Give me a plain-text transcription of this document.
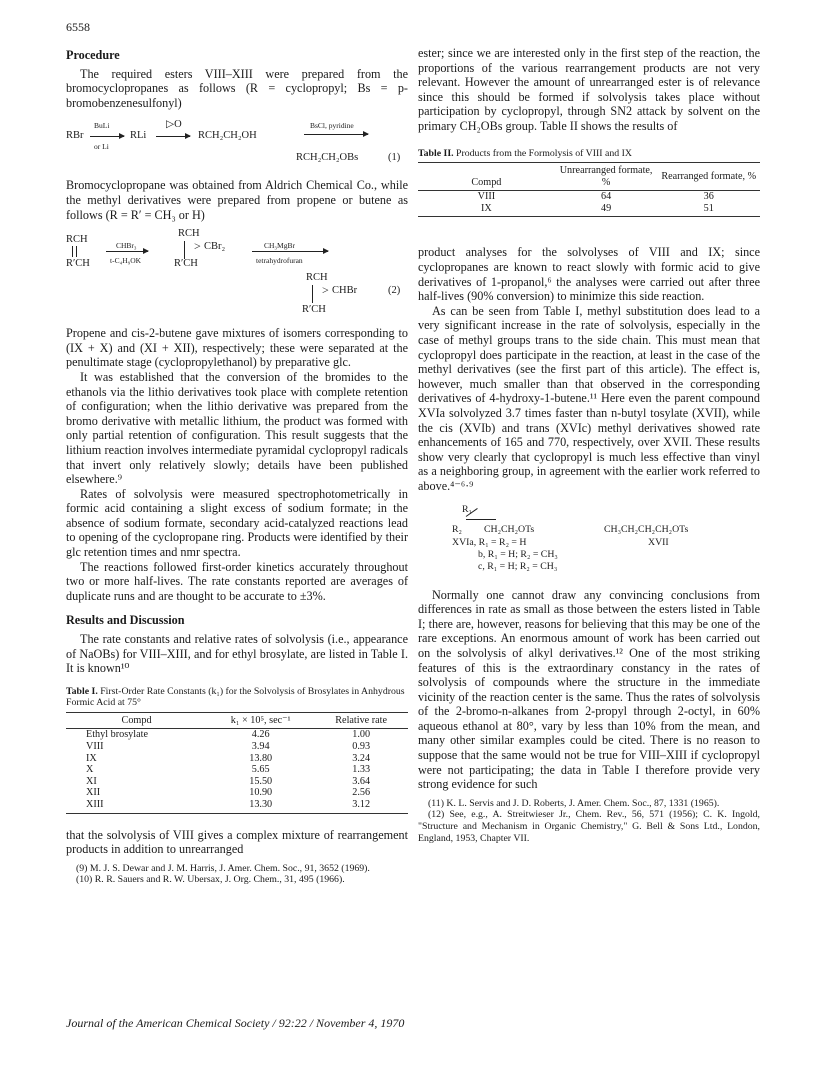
6558
Procedure

The required esters VIII–XIII were prepared from the bromocyclopropanes as follows (R = cyclopropyl; Bs = p-bromobenzenesulfonyl)

RBr
BuLi
or Li
RLi
▷O
RCH₂CH₂OH
BsCl, pyridine
RCH₂CH₂OBs	(1)

Bromocyclopropane was obtained from Aldrich Chemical Co., while the methyl derivatives were prepared from propene or butene as follows (R = R′ = CH₃ or H)

RCH
R′CH
CHBr₃
t-C₄H₉OK
RCH
> CBr₂
R′CH
CH₃MgBr
tetrahydrofuran
RCH
> CHBr	(2)
R′CH

Propene and cis-2-butene gave mixtures of isomers corresponding to (IX + X) and (XI + XII), respectively; these were separated at the penultimate stage (cyclopropylethanol) by preparative glc.

It was established that the conversion of the bromides to the ethanols via the lithio derivatives took place with complete retention of configuration; when the lithio derivative was prepared from the bromo derivative with metallic lithium, the product was formed with only partial retention of configuration. This result suggests that the lithium reaction involves intermediate pyramidal cyclopropyl radicals that invert only relatively slowly; details have been published elsewhere.⁹

Rates of solvolysis were measured spectrophotometrically in formic acid containing a slight excess of sodium formate; in the absence of sodium formate, secondary acid-catalyzed reactions lead to opening of the cyclopropane ring. Products were identified by their glc retention times and nmr spectra.

The reactions followed first-order kinetics accurately throughout two or more half-lives. The rate constants reported are averages of duplicate runs and are thought to be accurate to ±3%.

Results and Discussion

The rate constants and relative rates of solvolysis (i.e., appearance of NaOBs) for VIII–XIII, and for ethyl brosylate, are listed in Table I. It is known¹⁰

Table I. First-Order Rate Constants (k₁) for the Solvolysis of Brosylates in Anhydrous Formic Acid at 75°
Compd	k₁ × 10⁵, sec⁻¹	Relative rate
Ethyl brosylate	4.26	1.00
VIII	3.94	0.93
IX	13.80	3.24
X	5.65	1.33
XI	15.50	3.64
XII	10.90	2.56
XIII	13.30	3.12

that the solvolysis of VIII gives a complex mixture of rearrangement products in addition to unrearranged

(9) M. J. S. Dewar and J. M. Harris, J. Amer. Chem. Soc., 91, 3652 (1969).

(10) R. R. Sauers and R. W. Ubersax, J. Org. Chem., 31, 495 (1966).

ester; since we are interested only in the first step of the reaction, the proportions of the various rearrangement products are not very relevant. However the amount of unrearranged ester is of relevance since this should be formed if solvolysis takes place without participation by cyclopropyl, through SN2 attack by solvent on the primary CH₂OBs group. Table II shows the results of

Table II. Products from the Formolysis of VIII and IX
Compd	Unrearranged formate, %	Rearranged formate, %
VIII	64	36
IX	49	51

product analyses for the solvolyses of VIII and IX; since cyclopropanes are known to react slowly with formic acid to give derivatives of 1-propanol,⁶ the analyses were carried out after three half-lives (90% conversion) to minimize this side reaction.

As can be seen from Table I, methyl substitution does lead to a very significant increase in the rate of solvolysis, especially in the case of methyl groups trans to the side chain. This must mean that cyclopropyl does participate in the reaction, at least in the case of the methyl derivatives (see the first part of this article). The effect is, however, much smaller than that observed in the corresponding derivatives of 4-hydroxy-1-butene.¹¹ Here even the parent compound XVIa solvolyzed 3.7 times faster than n-butyl tosylate (XVII), while the cis (XVIb) and trans (XVIc) methyl derivatives showed rate enhancements of 165 and 770, respectively, over XVII. These results show very clearly that cyclopropyl is much less effective than vinyl as a neighboring group, in agreement with the earlier work referred to above.⁴⁻⁶·⁹

R₁
R₂ CH₂CH₂OTs
XVIa, R₁ = R₂ = H
b, R₁ = H; R₂ = CH₃
c, R₁ = H; R₂ = CH₃
CH₃CH₂CH₂CH₂OTs
XVII

Normally one cannot draw any convincing conclusions from differences in rate as small as those between the esters listed in Table I; there are, however, reasons for believing that this may be one of the rare exceptions. An enormous amount of work has been carried out on the solvolysis of alkyl derivatives.¹² One of the most striking features of this is the extraordinary constancy in the rates of solvolysis of compounds where the structure in the immediate vicinity of the reaction center is the same. Thus the rates of solvolysis of the 2-bromo-n-alkanes from 2-propyl through 2-octyl, in 60% aqueous ethanol at 80°, vary by less than 10% from the mean, and many other similar examples could be cited. There is no reason to suppose that the same would not be true for VIII–XIII if cyclopropyl were not participating; the data in Table I therefore provide very strong evidence for such

(11) K. L. Servis and J. D. Roberts, J. Amer. Chem. Soc., 87, 1331 (1965).

(12) See, e.g., A. Streitwieser Jr., Chem. Rev., 56, 571 (1956); C. K. Ingold, "Structure and Mechanism in Organic Chemistry," G. Bell & Sons Ltd., London, England, 1953, Chapter VII.

Journal of the American Chemical Society / 92:22 / November 4, 1970
